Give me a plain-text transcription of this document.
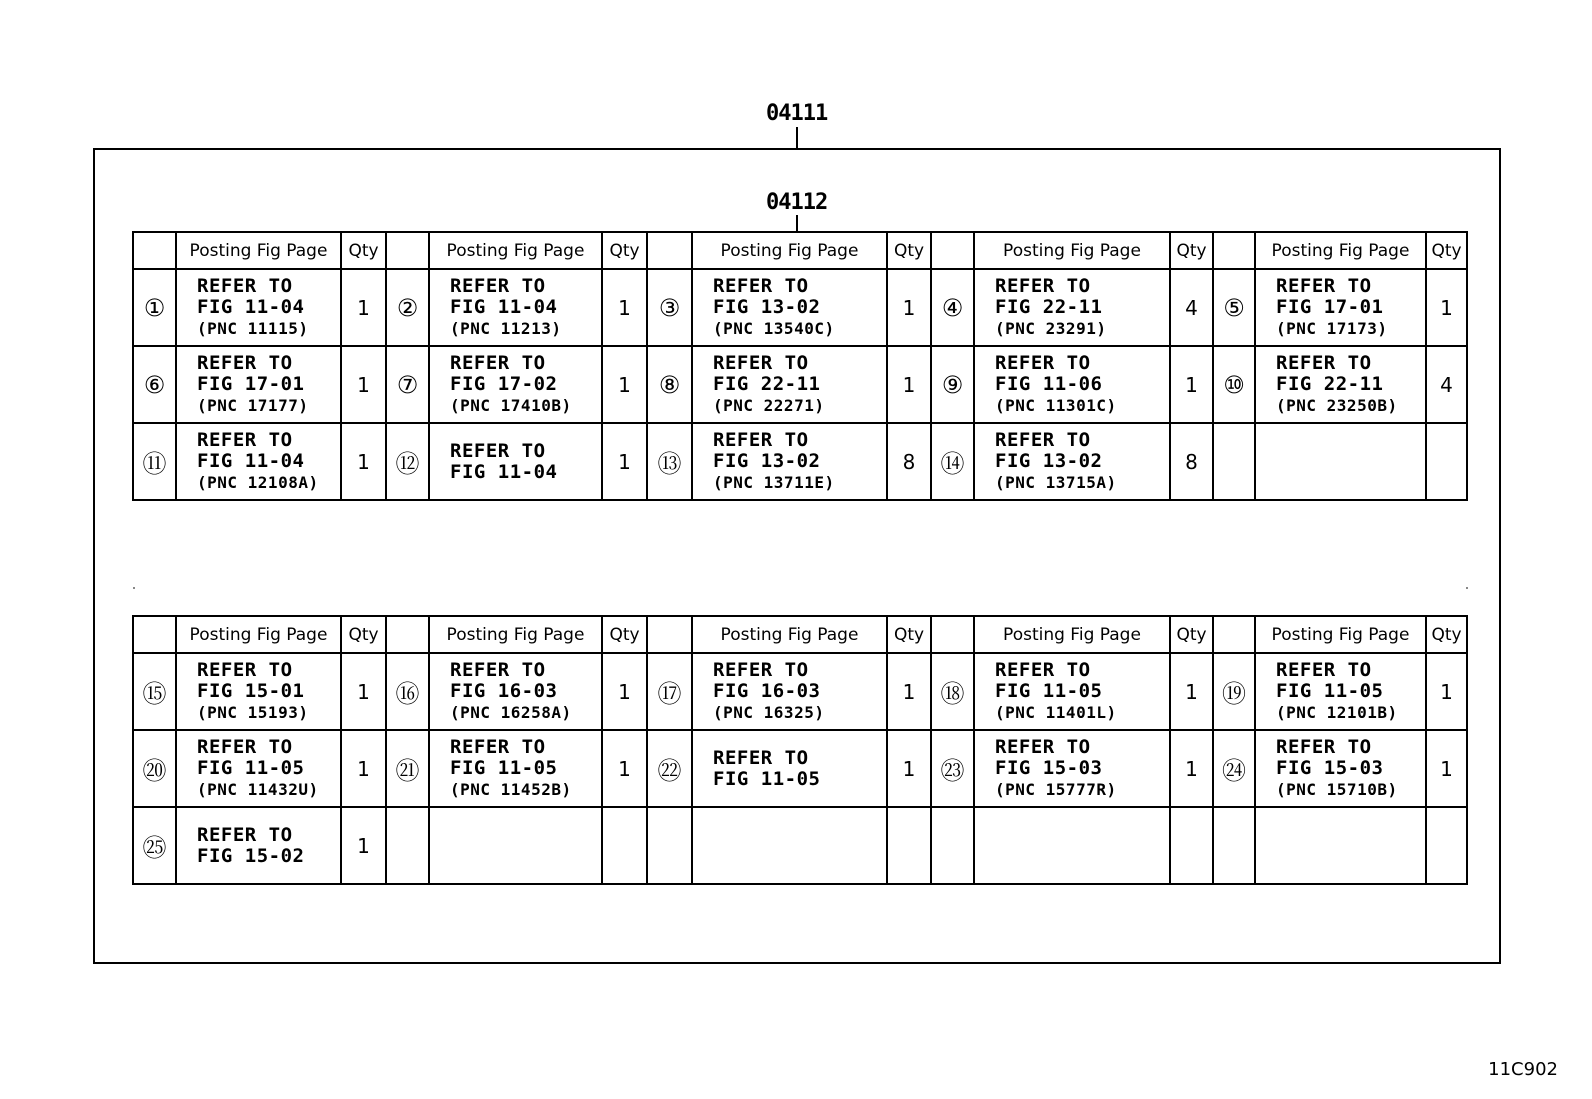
04111
04112
	Posting Fig Page	Qty		Posting Fig Page	Qty		Posting Fig Page	Qty		Posting Fig Page	Qty		Posting Fig Page	Qty
①	REFER TO
FIG 11-04
(PNC 11115)	1	②	REFER TO
FIG 11-04
(PNC 11213)	1	③	REFER TO
FIG 13-02
(PNC 13540C)	1	④	REFER TO
FIG 22-11
(PNC 23291)	4	⑤	REFER TO
FIG 17-01
(PNC 17173)	1
⑥	REFER TO
FIG 17-01
(PNC 17177)	1	⑦	REFER TO
FIG 17-02
(PNC 17410B)	1	⑧	REFER TO
FIG 22-11
(PNC 22271)	1	⑨	REFER TO
FIG 11-06
(PNC 11301C)	1	⑩	REFER TO
FIG 22-11
(PNC 23250B)	4
⑪	REFER TO
FIG 11-04
(PNC 12108A)	1	⑫	REFER TO
FIG 11-04	1	⑬	REFER TO
FIG 13-02
(PNC 13711E)	8	⑭	REFER TO
FIG 13-02
(PNC 13715A)	8		

	Posting Fig Page	Qty		Posting Fig Page	Qty		Posting Fig Page	Qty		Posting Fig Page	Qty		Posting Fig Page	Qty
⑮	REFER TO
FIG 15-01
(PNC 15193)	1	⑯	REFER TO
FIG 16-03
(PNC 16258A)	1	⑰	REFER TO
FIG 16-03
(PNC 16325)	1	⑱	REFER TO
FIG 11-05
(PNC 11401L)	1	⑲	REFER TO
FIG 11-05
(PNC 12101B)	1
⑳	REFER TO
FIG 11-05
(PNC 11432U)	1	㉑	REFER TO
FIG 11-05
(PNC 11452B)	1	㉒	REFER TO
FIG 11-05	1	㉓	REFER TO
FIG 15-03
(PNC 15777R)	1	㉔	REFER TO
FIG 15-03
(PNC 15710B)	1
㉕	REFER TO
FIG 15-02	1		

11C902
